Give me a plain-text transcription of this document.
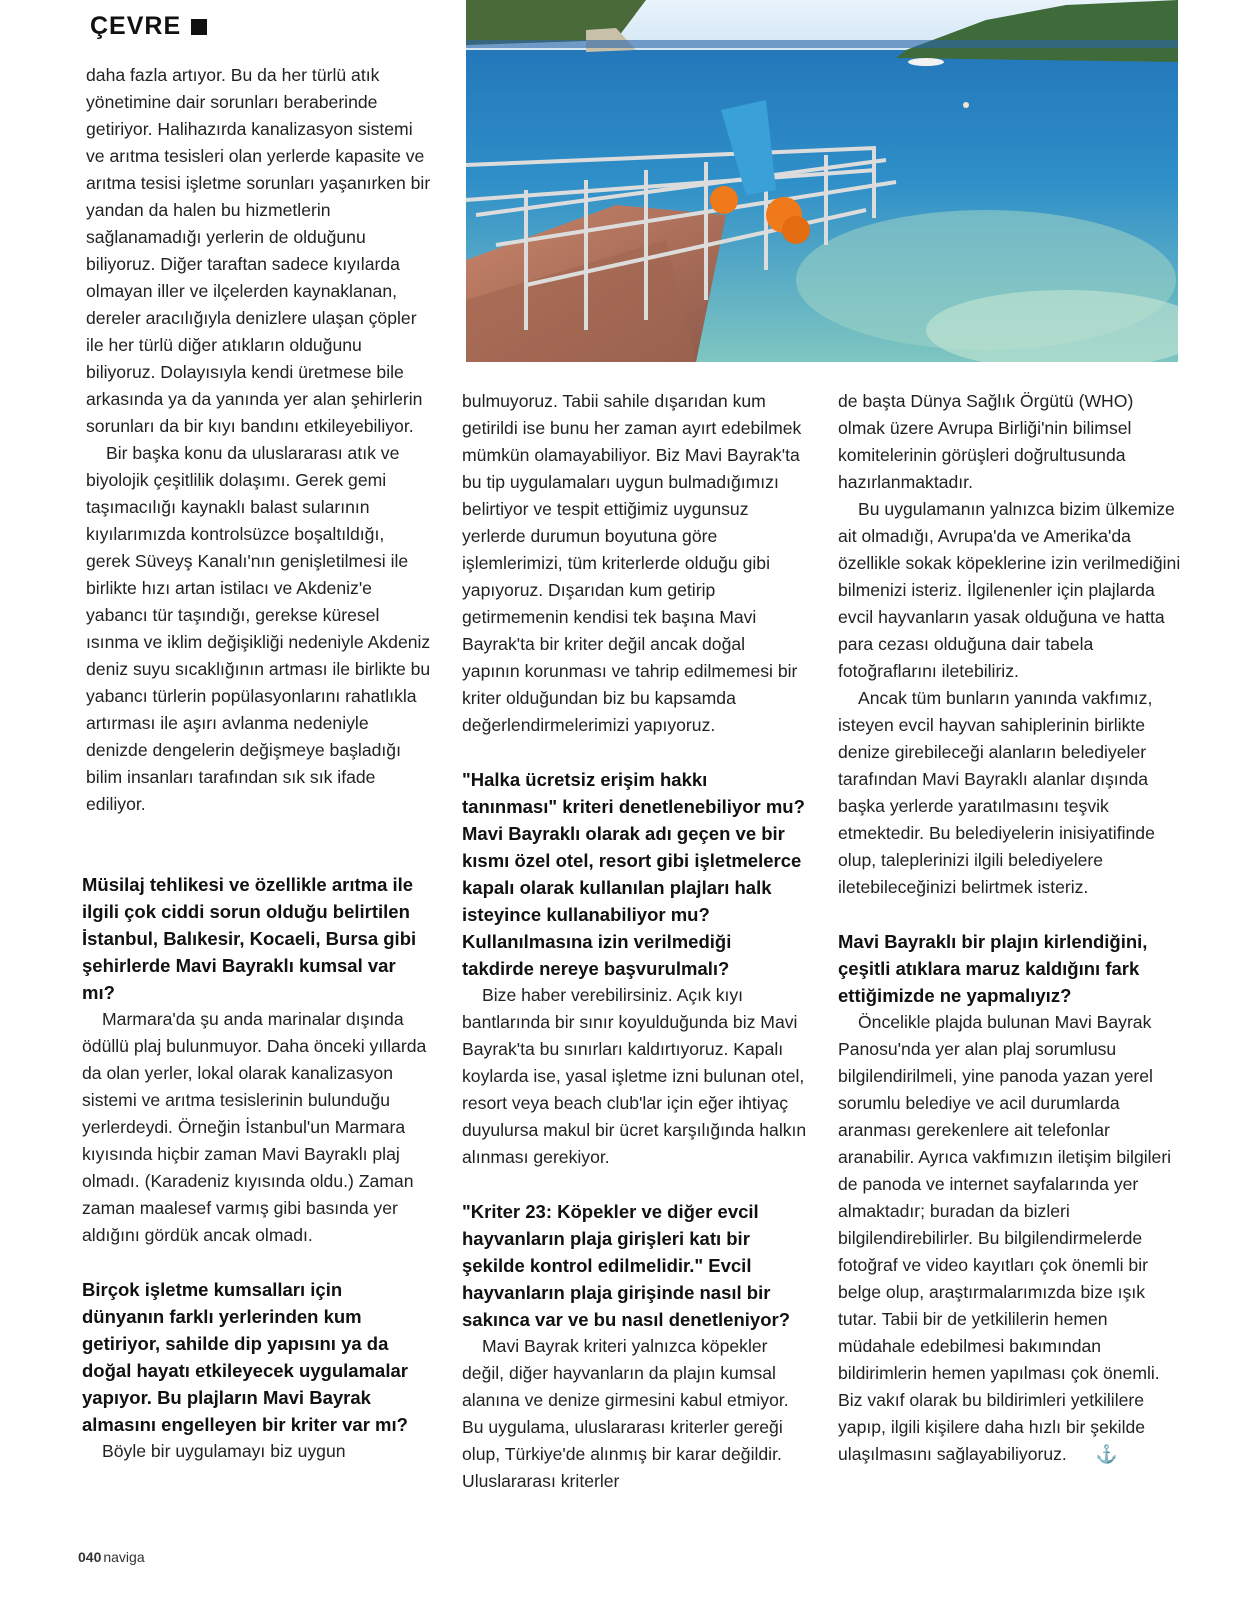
ÇEVRE

daha fazla artıyor. Bu da her türlü atık yönetimine dair sorunları beraberinde getiriyor. Halihazırda kanalizasyon sistemi ve arıtma tesisleri olan yerlerde kapasite ve arıtma tesisi işletme sorunları yaşanırken bir yandan da halen bu hizmetlerin sağlanamadığı yerlerin de olduğunu biliyoruz. Diğer taraftan sadece kıyılarda olmayan iller ve ilçelerden kaynaklanan, dereler aracılığıyla denizlere ulaşan çöpler ile her türlü diğer atıkların olduğunu biliyoruz. Dolayısıyla kendi üretmese bile arkasında ya da yanında yer alan şehirlerin sorunları da bir kıyı bandını etkileyebiliyor.

Bir başka konu da uluslararası atık ve biyolojik çeşitlilik dolaşımı. Gerek gemi taşımacılığı kaynaklı balast sularının kıyılarımızda kontrolsüzce boşaltıldığı, gerek Süveyş Kanalı'nın genişletilmesi ile birlikte hızı artan istilacı ve Akdeniz'e yabancı tür taşındığı, gerekse küresel ısınma ve iklim değişikliği nedeniyle Akdeniz deniz suyu sıcaklığının artması ile birlikte bu yabancı türlerin popülasyonlarını rahatlıkla artırması ile aşırı avlanma nedeniyle denizde dengelerin değişmeye başladığı bilim insanları tarafından sık sık ifade ediliyor.

Müsilaj tehlikesi ve özellikle arıtma ile ilgili çok ciddi sorun olduğu belirtilen İstanbul, Balıkesir, Kocaeli, Bursa gibi şehirlerde Mavi Bayraklı kumsal var mı?

Marmara'da şu anda marinalar dışında ödüllü plaj bulunmuyor. Daha önceki yıllarda da olan yerler, lokal olarak kanalizasyon sistemi ve arıtma tesislerinin bulunduğu yerlerdeydi. Örneğin İstanbul'un Marmara kıyısında hiçbir zaman Mavi Bayraklı plaj olmadı. (Karadeniz kıyısında oldu.) Zaman zaman maalesef varmış gibi basında yer aldığını gördük ancak olmadı.

Birçok işletme kumsalları için dünyanın farklı yerlerinden kum getiriyor, sahilde dip yapısını ya da doğal hayatı etkileyecek uygulamalar yapıyor. Bu plajların Mavi Bayrak almasını engelleyen bir kriter var mı?

Böyle bir uygulamayı biz uygun

bulmuyoruz. Tabii sahile dışarıdan kum getirildi ise bunu her zaman ayırt edebilmek mümkün olamayabiliyor. Biz Mavi Bayrak'ta bu tip uygulamaları uygun bulmadığımızı belirtiyor ve tespit ettiğimiz uygunsuz yerlerde durumun boyutuna göre işlemlerimizi, tüm kriterlerde olduğu gibi yapıyoruz. Dışarıdan kum getirip getirmemenin kendisi tek başına Mavi Bayrak'ta bir kriter değil ancak doğal yapının korunması ve tahrip edilmemesi bir kriter olduğundan biz bu kapsamda değerlendirmelerimizi yapıyoruz.

"Halka ücretsiz erişim hakkı tanınması" kriteri denetlenebiliyor mu? Mavi Bayraklı olarak adı geçen ve bir kısmı özel otel, resort gibi işletmelerce kapalı olarak kullanılan plajları halk isteyince kullanabiliyor mu? Kullanılmasına izin verilmediği takdirde nereye başvurulmalı?

Bize haber verebilirsiniz. Açık kıyı bantlarında bir sınır koyulduğunda biz Mavi Bayrak'ta bu sınırları kaldırtıyoruz. Kapalı koylarda ise, yasal işletme izni bulunan otel, resort veya beach club'lar için eğer ihtiyaç duyulursa makul bir ücret karşılığında halkın alınması gerekiyor.

"Kriter 23: Köpekler ve diğer evcil hayvanların plaja girişleri katı bir şekilde kontrol edilmelidir." Evcil hayvanların plaja girişinde nasıl bir sakınca var ve bu nasıl denetleniyor?

Mavi Bayrak kriteri yalnızca köpekler değil, diğer hayvanların da plajın kumsal alanına ve denize girmesini kabul etmiyor. Bu uygulama, uluslararası kriterler gereği olup, Türkiye'de alınmış bir karar değildir. Uluslararası kriterler

de başta Dünya Sağlık Örgütü (WHO) olmak üzere Avrupa Birliği'nin bilimsel komitelerinin görüşleri doğrultusunda hazırlanmaktadır.

Bu uygulamanın yalnızca bizim ülkemize ait olmadığı, Avrupa'da ve Amerika'da özellikle sokak köpeklerine izin verilmediğini bilmenizi isteriz. İlgilenenler için plajlarda evcil hayvanların yasak olduğuna ve hatta para cezası olduğuna dair tabela fotoğraflarını iletebiliriz.

Ancak tüm bunların yanında vakfımız, isteyen evcil hayvan sahiplerinin birlikte denize girebileceği alanların belediyeler tarafından Mavi Bayraklı alanlar dışında başka yerlerde yaratılmasını teşvik etmektedir. Bu belediyelerin inisiyatifinde olup, taleplerinizi ilgili belediyelere iletebileceğinizi belirtmek isteriz.

Mavi Bayraklı bir plajın kirlendiğini, çeşitli atıklara maruz kaldığını fark ettiğimizde ne yapmalıyız?

Öncelikle plajda bulunan Mavi Bayrak Panosu'nda yer alan plaj sorumlusu bilgilendirilmeli, yine panoda yazan yerel sorumlu belediye ve acil durumlarda aranması gerekenlere ait telefonlar aranabilir. Ayrıca vakfımızın iletişim bilgileri de panoda ve internet sayfalarında yer almaktadır; buradan da bizleri bilgilendirebilirler. Bu bilgilendirmelerde fotoğraf ve video kayıtları çok önemli bir belge olup, araştırmalarımızda bize ışık tutar. Tabii bir de yetkililerin hemen müdahale edebilmesi bakımından bildirimlerin hemen yapılması çok önemli. Biz vakıf olarak bu bildirimleri yetkililere yapıp, ilgili kişilere daha hızlı bir şekilde ulaşılmasını sağlayabiliyoruz. ⚓

040 naviga
